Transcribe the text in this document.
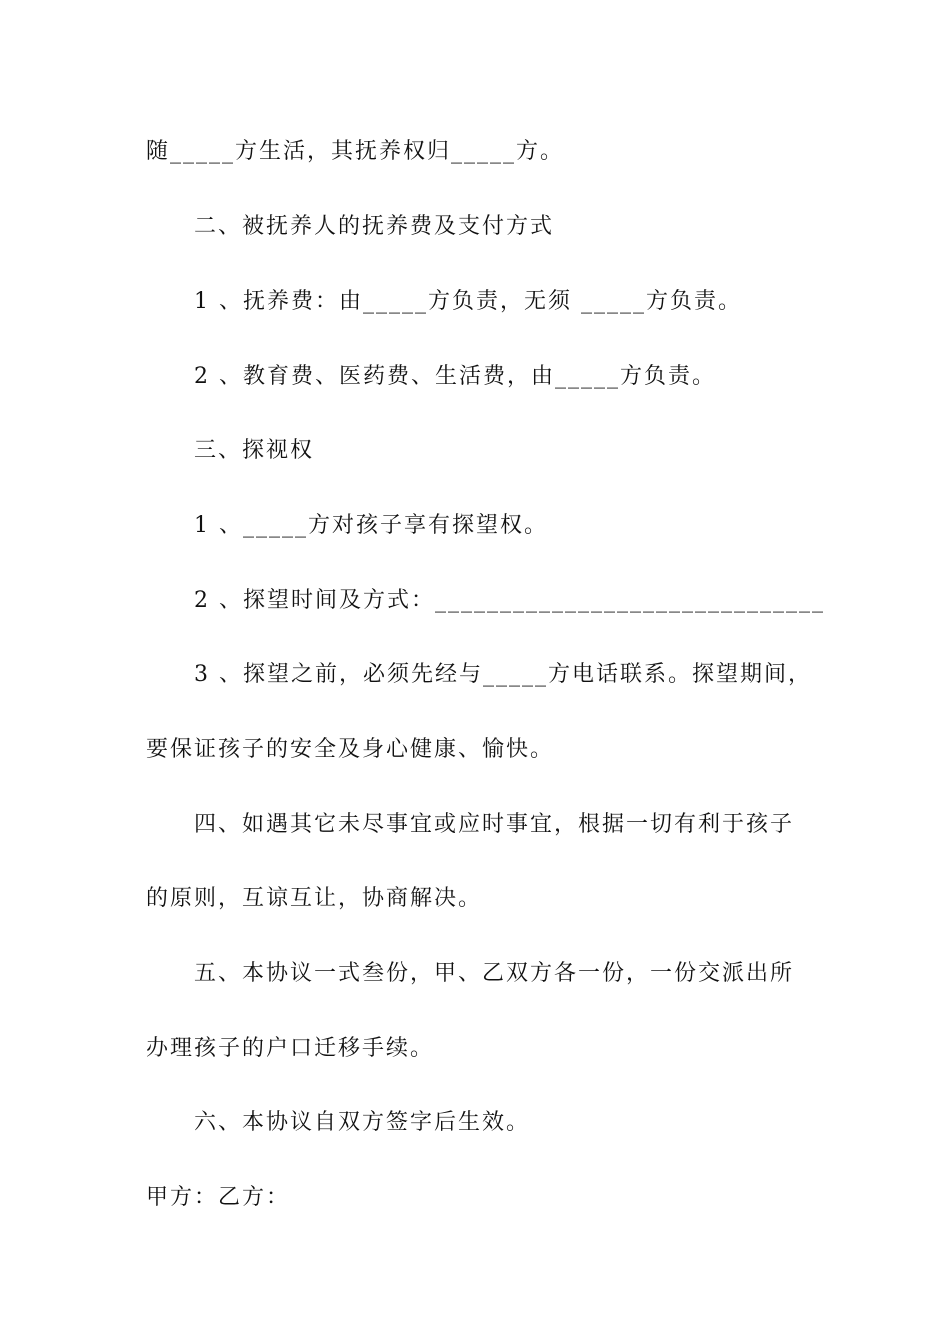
随_____方生活，其抚养权归_____方。
二、被抚养人的抚养费及支付方式
1 、抚养费：由_____方负责，无须 _____方负责。
2 、教育费、医药费、生活费，由_____方负责。
三、探视权
1 、_____方对孩子享有探望权。
2 、探望时间及方式：______________________________
3 、探望之前，必须先经与_____方电话联系。探望期间，
要保证孩子的安全及身心健康、愉快。
四、如遇其它未尽事宜或应时事宜，根据一切有利于孩子
的原则，互谅互让，协商解决。
五、本协议一式叁份，甲、乙双方各一份，一份交派出所
办理孩子的户口迁移手续。
六、本协议自双方签字后生效。
甲方：乙方：
